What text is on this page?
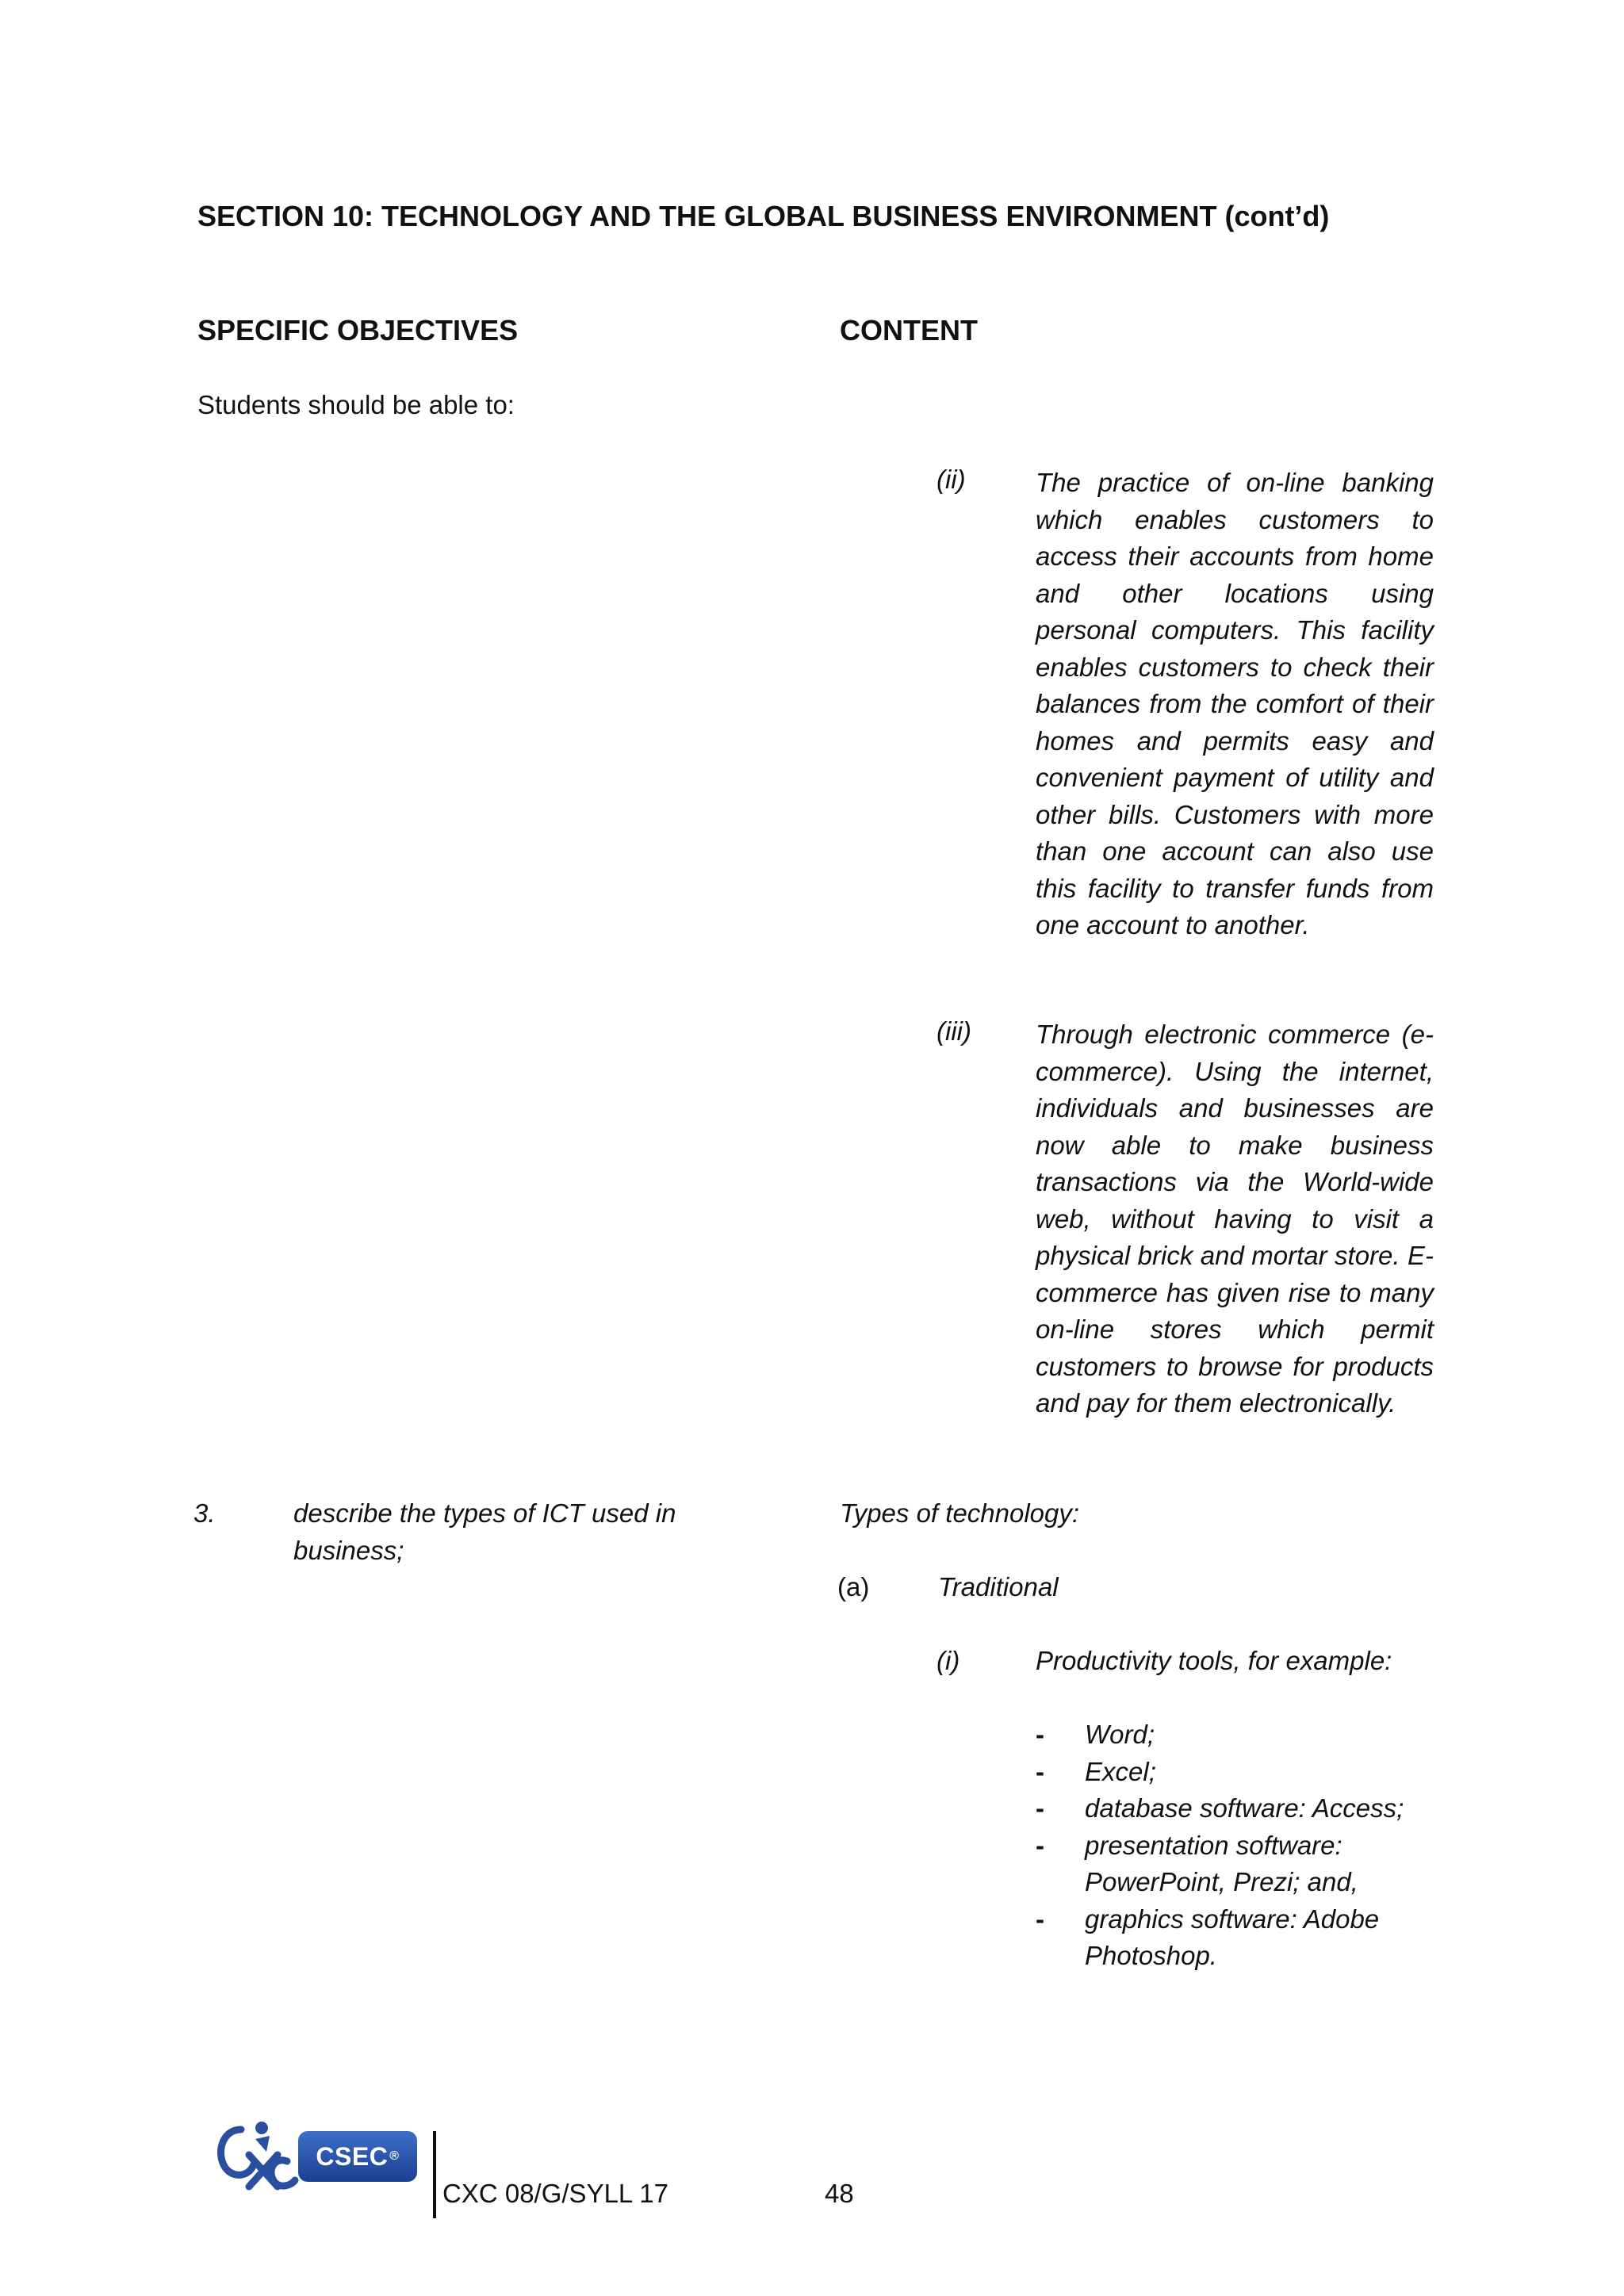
SECTION 10: TECHNOLOGY AND THE GLOBAL BUSINESS ENVIRONMENT (cont’d)
SPECIFIC OBJECTIVES	CONTENT
Students should be able to:
(ii)	The practice of on-line banking which enables customers to access their accounts from home and other locations using personal computers. This facility enables customers to check their balances from the comfort of their homes and permits easy and convenient payment of utility and other bills. Customers with more than one account can also use this facility to transfer funds from one account to another.

(iii) Through electronic commerce (e-commerce). Using the internet, individuals and businesses are now able to make business transactions via the World-wide web, without having to visit a physical brick and mortar store. E-commerce has given rise to many on-line stores which permit customers to browse for products and pay for them electronically.

3.	describe the types of ICT used in
business;
Types of technology:
(a)	Traditional
(i)	Productivity tools, for example:
- Word;
- Excel;
- database software: Access;
- presentation software: PowerPoint, Prezi; and,
- graphics software: Adobe Photoshop.
CSEC ®
CXC 08/G/SYLL 17	48
